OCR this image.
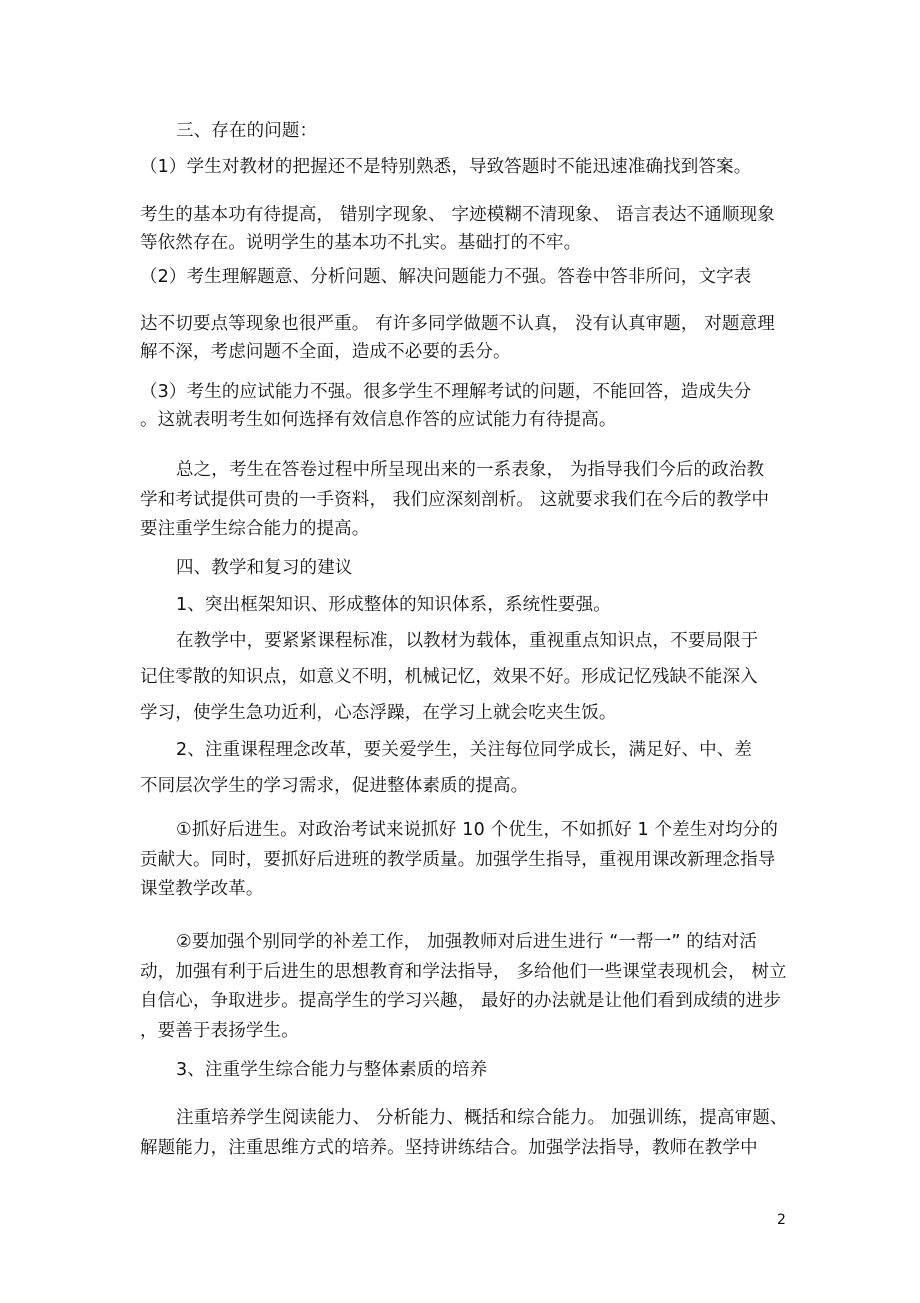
三、存在的问题：
（1）学生对教材的把握还不是特别熟悉，导致答题时不能迅速准确找到答案。
考生的基本功有待提高， 错别字现象、 字迹模糊不清现象、 语言表达不通顺现象
等依然存在。说明学生的基本功不扎实。基础打的不牢。
（2）考生理解题意、分析问题、解决问题能力不强。答卷中答非所问，文字表
达不切要点等现象也很严重。 有许多同学做题不认真， 没有认真审题， 对题意理
解不深，考虑问题不全面，造成不必要的丢分。
（3）考生的应试能力不强。很多学生不理解考试的问题，不能回答，造成失分
。这就表明考生如何选择有效信息作答的应试能力有待提高。
总之，考生在答卷过程中所呈现出来的一系表象， 为指导我们今后的政治教
学和考试提供可贵的一手资料， 我们应深刻剖析。 这就要求我们在今后的教学中
要注重学生综合能力的提高。
四、教学和复习的建议
1、突出框架知识、形成整体的知识体系，系统性要强。
在教学中，要紧紧课程标准，以教材为载体，重视重点知识点，不要局限于
记住零散的知识点，如意义不明，机械记忆，效果不好。形成记忆残缺不能深入
学习，使学生急功近利，心态浮躁，在学习上就会吃夹生饭。
2、注重课程理念改革，要关爱学生，关注每位同学成长，满足好、中、差
不同层次学生的学习需求，促进整体素质的提高。
①抓好后进生。对政治考试来说抓好 10 个优生，不如抓好 1 个差生对均分的
贡献大。同时，要抓好后进班的教学质量。加强学生指导，重视用课改新理念指导
课堂教学改革。
②要加强个别同学的补差工作， 加强教师对后进生进行 “一帮一” 的结对活
动，加强有利于后进生的思想教育和学法指导， 多给他们一些课堂表现机会， 树立
自信心，争取进步。提高学生的学习兴趣， 最好的办法就是让他们看到成绩的进步
，要善于表扬学生。
3、注重学生综合能力与整体素质的培养
注重培养学生阅读能力、 分析能力、概括和综合能力。 加强训练，提高审题、
解题能力，注重思维方式的培养。坚持讲练结合。加强学法指导，教师在教学中
2
